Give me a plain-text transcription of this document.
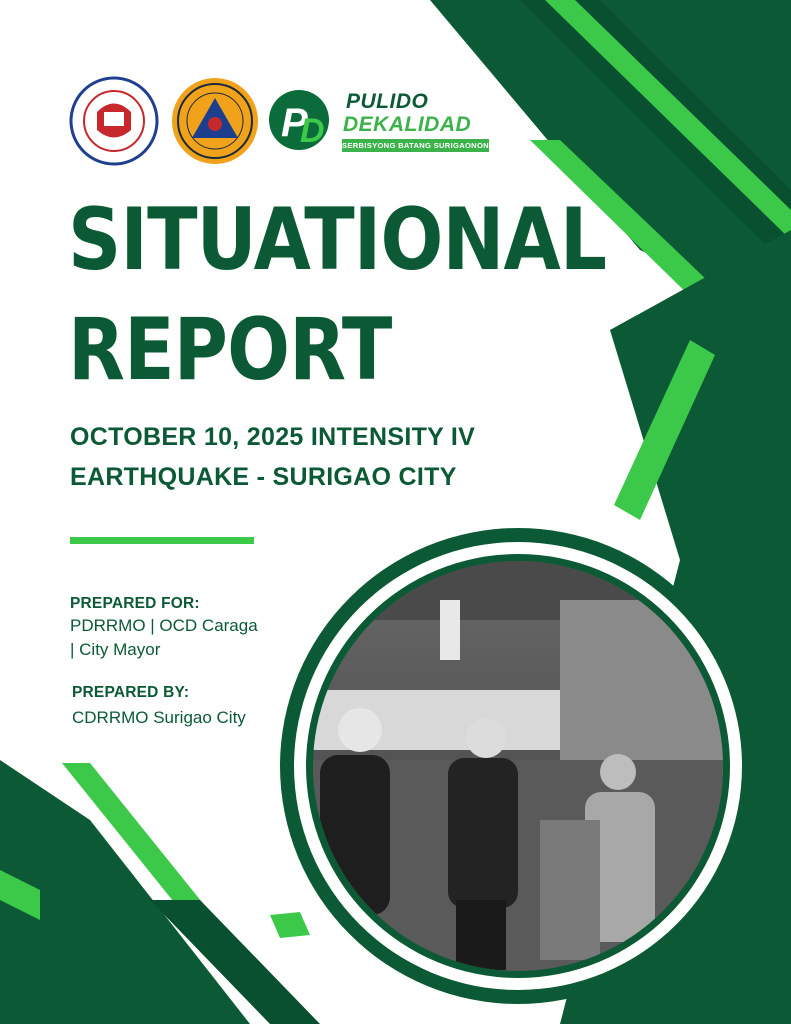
P
D
PULIDO
DEKALIDAD
SERBISYONG BATANG SURIGAONON
SITUATIONAL
REPORT
OCTOBER 10, 2025 INTENSITY IV
EARTHQUAKE - SURIGAO CITY
PREPARED FOR:
PDRRMO | OCD Caraga
| City Mayor
PREPARED BY:
CDRRMO Surigao City
